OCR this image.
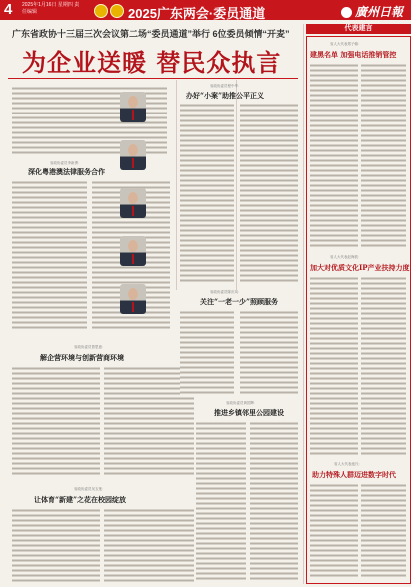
4 2025年1月16日 星期四 责任编辑	2025广东两会·委员通道	廣州日報
广东省政协十三届三次会议第二场“委员通道”举行 6位委员倾情“开麦”
为企业送暖 替民众执言
省政协委员李新勇：
深化粤港澳法律服务合作
省政协委员曾思意：
解企营环境与创新营商环境
省政协委员吴玉莲：
让体育“新建”之花在校园绽放
省政协委员程中华：
办好“小案”助推公平正义
省政协委员陈庆凤：
关注“一老一少”照顾服务
省政协委员黄国辉：
推进乡镇邻里公园建设
代表建言
省人大代表郑子翰：
建黑名单 加强电话推销管控
省人大代表赵海波：
加大对优质文化IP产业扶持力度
省人大代表池氏：
助力特殊人群迈进数字时代
